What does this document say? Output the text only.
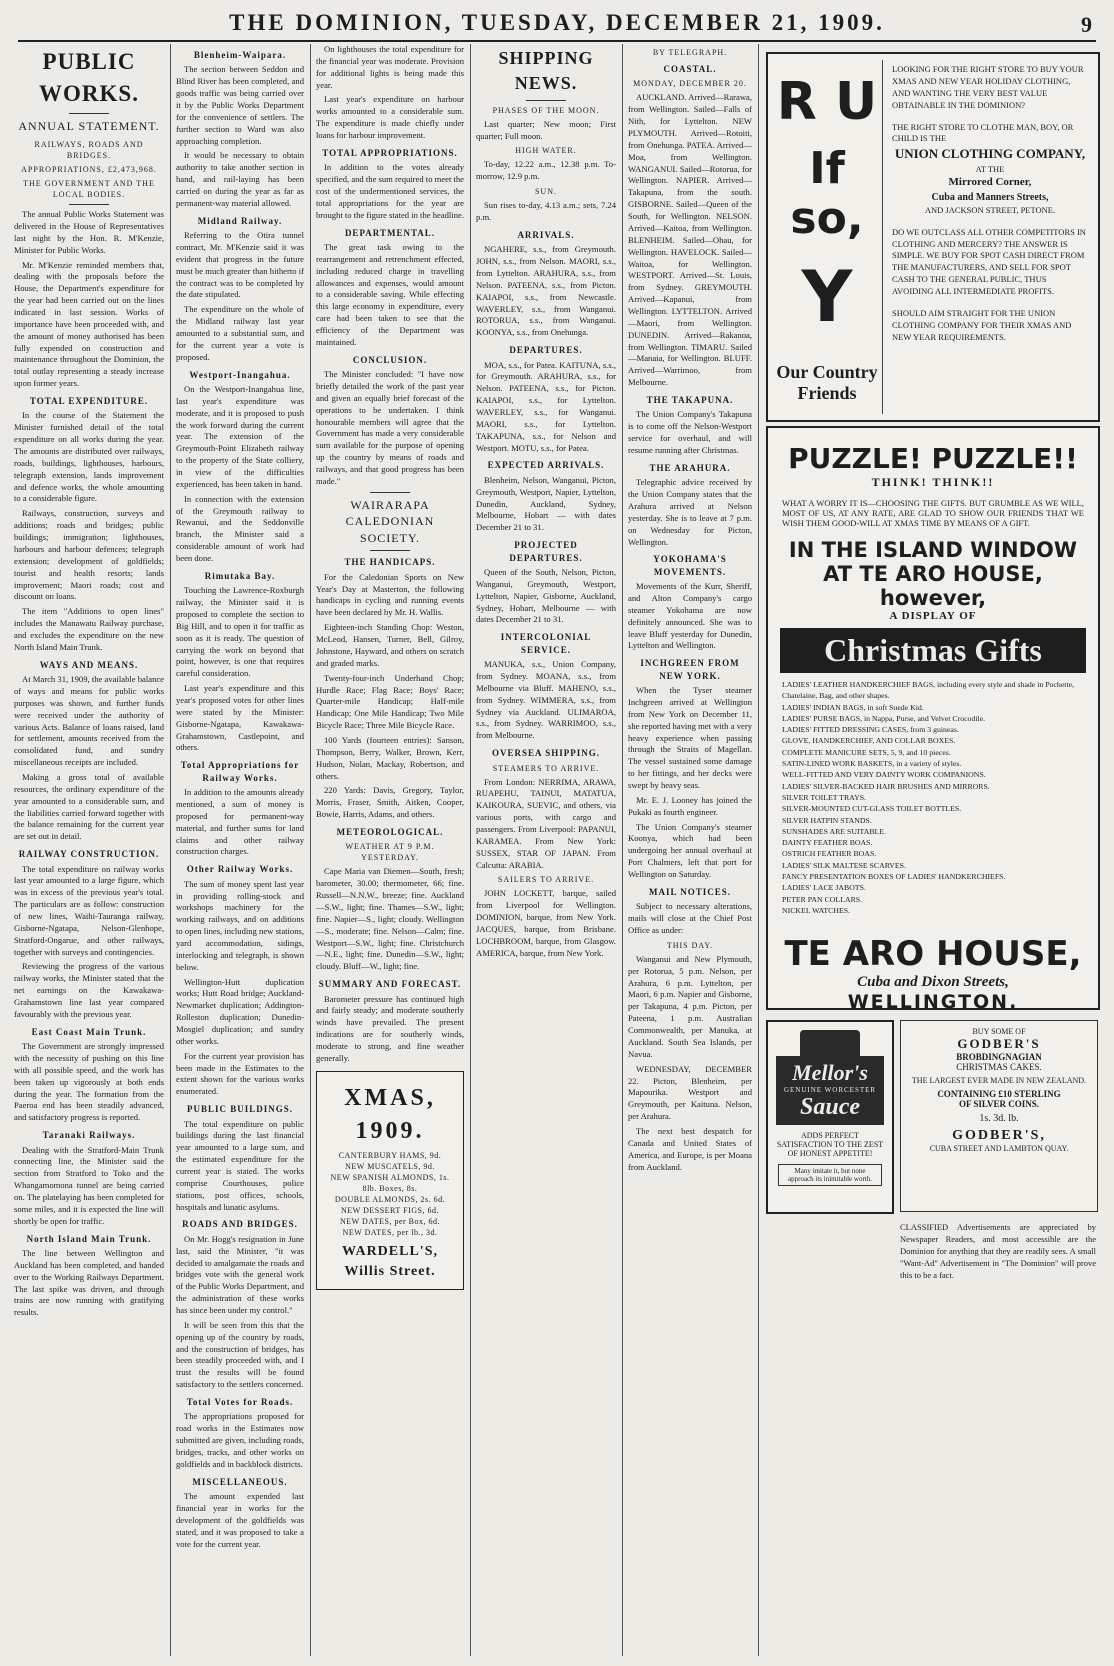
THE DOMINION, TUESDAY, DECEMBER 21, 1909.	9
PUBLIC WORKS.
ANNUAL STATEMENT.
RAILWAYS, ROADS AND BRIDGES.
APPROPRIATIONS, £2,473,968.
THE GOVERNMENT AND THE LOCAL BODIES.

The annual Public Works Statement was delivered in the House of Representatives last night by the Hon. R. M'Kenzie, Minister for Public Works.

Mr. M'Kenzie reminded members that, dealing with the proposals before the House, the Department's expenditure for the year had been carried out on the lines indicated in last session. Works of importance have been proceeded with, and the amount of money authorised has been fully expended on construction and maintenance throughout the Dominion, the total outlay representing a steady increase upon former years.

TOTAL EXPENDITURE.

In the course of the Statement the Minister furnished detail of the total expenditure on all works during the year. The amounts are distributed over railways, roads, buildings, lighthouses, harbours, telegraph extension, lands improvement and defence works, the whole amounting to a considerable figure.

Railways, construction, surveys and additions; roads and bridges; public buildings; immigration; lighthouses, harbours and harbour defences; telegraph extension; development of goldfields; tourist and health resorts; lands improvement; Maori roads; cost and discount on loans.

The item "Additions to open lines" includes the Manawatu Railway purchase, and excludes the expenditure on the new North Island Main Trunk.

WAYS AND MEANS.

At March 31, 1909, the available balance of ways and means for public works purposes was shown, and further funds were received under the authority of various Acts. Balance of loans raised, land for settlement, amounts received from the consolidated fund, and sundry miscellaneous receipts are included.

Making a gross total of available resources, the ordinary expenditure of the year amounted to a considerable sum, and the liabilities carried forward together with the balance remaining for the current year are set out in detail.

RAILWAY CONSTRUCTION.

The total expenditure on railway works last year amounted to a large figure, which was in excess of the previous year's total. The particulars are as follow: construction of new lines, Waihi-Tauranga railway, Gisborne-Ngatapa, Nelson-Glenhope, Stratford-Ongarue, and other railways, together with surveys and contingencies.

Reviewing the progress of the various railway works, the Minister stated that the net earnings on the Kawakawa-Grahamstown line last year compared favourably with the previous year.

East Coast Main Trunk.

The Government are strongly impressed with the necessity of pushing on this line with all possible speed, and the work has been taken up vigorously at both ends during the year. The formation from the Paeroa end has been steadily advanced, and satisfactory progress is reported.

Taranaki Railways.

Dealing with the Stratford-Main Trunk connecting line, the Minister said the section from Stratford to Toko and the Whangamomona tunnel are being carried on. The platelaying has been completed for some miles, and it is expected the line will shortly be open for traffic.

North Island Main Trunk.

The line between Wellington and Auckland has been completed, and handed over to the Working Railways Department. The last spike was driven, and through trains are now running with gratifying results.

Blenheim-Waipara.

The section between Seddon and Blind River has been completed, and goods traffic was being carried over it by the Public Works Department for the convenience of settlers. The further section to Ward was also approaching completion.

It would be necessary to obtain authority to take another section in hand, and rail-laying has been carried on during the year as far as permanent-way material allowed.

Midland Railway.

Referring to the Otira tunnel contract, Mr. M'Kenzie said it was evident that progress in the future must be much greater than hitherto if the contract was to be completed by the date stipulated.

The expenditure on the whole of the Midland railway last year amounted to a substantial sum, and for the current year a vote is proposed.

Westport-Inangahua.

On the Westport-Inangahua line, last year's expenditure was moderate, and it is proposed to push the work forward during the current year. The extension of the Greymouth-Point Elizabeth railway to the property of the State colliery, in view of the difficulties experienced, has been taken in hand.

In connection with the extension of the Greymouth railway to Rewanui, and the Seddonville branch, the Minister said a considerable amount of work had been done.

Rimutaka Bay.

Touching the Lawrence-Roxburgh railway, the Minister said it is proposed to complete the section to Big Hill, and to open it for traffic as soon as it is ready. The question of carrying the work on beyond that point, however, is one that requires careful consideration.

Last year's expenditure and this year's proposed votes for other lines were stated by the Minister: Gisborne-Ngatapa, Kawakawa-Grahamstown, Castlepoint, and others.

Total Appropriations for Railway Works.

In addition to the amounts already mentioned, a sum of money is proposed for permanent-way material, and further sums for land claims and other railway construction charges.

Other Railway Works.

The sum of money spent last year in providing rolling-stock and workshops machinery for the working railways, and on additions to open lines, including new stations, yard accommodation, sidings, interlocking and telegraph, is shown below.

Wellington-Hutt duplication works; Hutt Road bridge; Auckland-Newmarket duplication; Addington-Rolleston duplication; Dunedin-Mosgiel duplication; and sundry other works.

For the current year provision has been made in the Estimates to the extent shown for the various works enumerated.

PUBLIC BUILDINGS.

The total expenditure on public buildings during the last financial year amounted to a large sum, and the estimated expenditure for the current year is stated. The works comprise Courthouses, police stations, post offices, schools, hospitals and lunatic asylums.

ROADS AND BRIDGES.

On Mr. Hogg's resignation in June last, said the Minister, "it was decided to amalgamate the roads and bridges vote with the general work of the Public Works Department, and the administration of these works has since been under my control."

It will be seen from this that the opening up of the country by roads, and the construction of bridges, has been steadily proceeded with, and I trust the results will be found satisfactory to the settlers concerned.

Total Votes for Roads.

The appropriations proposed for road works in the Estimates now submitted are given, including roads, bridges, tracks, and other works on goldfields and in backblock districts.

MISCELLANEOUS.

The amount expended last financial year in works for the development of the goldfields was stated, and it was proposed to take a vote for the current year.

On lighthouses the total expenditure for the financial year was moderate. Provision for additional lights is being made this year.

Last year's expenditure on harbour works amounted to a considerable sum. The expenditure is made chiefly under loans for harbour improvement.

TOTAL APPROPRIATIONS.

In addition to the votes already specified, and the sum required to meet the cost of the undermentioned services, the total appropriations for the year are brought to the figure stated in the headline.

DEPARTMENTAL.

The great task owing to the rearrangement and retrenchment effected, including reduced charge in travelling allowances and expenses, would amount to a considerable saving. While effecting this large economy in expenditure, every care had been taken to see that the efficiency of the Department was maintained.

CONCLUSION.

The Minister concluded: "I have now briefly detailed the work of the past year and given an equally brief forecast of the operations to be undertaken. I think honourable members will agree that the Government has made a very considerable sum available for the purpose of opening up the country by means of roads and railways, and that good progress has been made."

WAIRARAPA CALEDONIAN SOCIETY.
THE HANDICAPS.

For the Caledonian Sports on New Year's Day at Masterton, the following handicaps in cycling and running events have been declared by Mr. H. Wallis.

Eighteen-inch Standing Chop: Weston, McLeod, Hansen, Turner, Bell, Gilroy, Johnstone, Hayward, and others on scratch and graded marks.

Twenty-four-inch Underhand Chop; Hurdle Race; Flag Race; Boys' Race; Quarter-mile Handicap; Half-mile Handicap; One Mile Handicap; Two Mile Bicycle Race; Three Mile Bicycle Race.

100 Yards (fourteen entries): Sanson, Thompson, Berry, Walker, Brown, Kerr, Hudson, Nolan, Mackay, Robertson, and others.

220 Yards: Davis, Gregory, Taylor, Morris, Fraser, Smith, Aitken, Cooper, Bowie, Harris, Adams, and others.

METEOROLOGICAL.
WEATHER AT 9 P.M. YESTERDAY.

Cape Maria van Diemen—South, fresh; barometer, 30.00; thermometer, 66; fine. Russell—N.N.W., breeze; fine. Auckland—S.W., light; fine. Thames—S.W., light; fine. Napier—S., light; cloudy. Wellington—S., moderate; fine. Nelson—Calm; fine. Westport—S.W., light; fine. Christchurch—N.E., light; fine. Dunedin—S.W., light; cloudy. Bluff—W., light; fine.

SUMMARY AND FORECAST.

Barometer pressure has continued high and fairly steady; and moderate southerly winds have prevailed. The present indications are for southerly winds, moderate to strong, and fine weather generally.

XMAS, 1909.
CANTERBURY HAMS, 9d.
NEW MUSCATELS, 9d.
NEW SPANISH ALMONDS, 1s.
8lb. Boxes, 8s.
DOUBLE ALMONDS, 2s. 6d.
NEW DESSERT FIGS, 6d.
NEW DATES, per Box, 6d.
NEW DATES, per lb., 3d.
WARDELL'S, Willis Street.
SHIPPING NEWS.
PHASES OF THE MOON.

Last quarter; New moon; First quarter; Full moon.

HIGH WATER.

To-day, 12.22 a.m., 12.38 p.m. To-morrow, 12.9 p.m.

SUN.

Sun rises to-day, 4.13 a.m.; sets, 7.24 p.m.

ARRIVALS.

NGAHERE, s.s., from Greymouth. JOHN, s.s., from Nelson. MAORI, s.s., from Lyttelton. ARAHURA, s.s., from Nelson. PATEENA, s.s., from Picton. KAIAPOI, s.s., from Newcastle. WAVERLEY, s.s., from Wanganui. ROTORUA, s.s., from Wanganui. KOONYA, s.s., from Onehunga.

DEPARTURES.

MOA, s.s., for Patea. KAITUNA, s.s., for Greymouth. ARAHURA, s.s., for Nelson. PATEENA, s.s., for Picton. KAIAPOI, s.s., for Lyttelton. WAVERLEY, s.s., for Wanganui. MAORI, s.s., for Lyttelton. TAKAPUNA, s.s., for Nelson and Westport. MOTU, s.s., for Patea.

EXPECTED ARRIVALS.

Blenheim, Nelson, Wanganui, Picton, Greymouth, Westport, Napier, Lyttelton, Dunedin, Auckland, Sydney, Melbourne, Hobart — with dates December 21 to 31.

PROJECTED DEPARTURES.

Queen of the South, Nelson, Picton, Wanganui, Greymouth, Westport, Lyttelton, Napier, Gisborne, Auckland, Sydney, Hobart, Melbourne — with dates December 21 to 31.

INTERCOLONIAL SERVICE.

MANUKA, s.s., Union Company, from Sydney. MOANA, s.s., from Melbourne via Bluff. MAHENO, s.s., from Sydney. WIMMERA, s.s., from Sydney via Auckland. ULIMAROA, s.s., from Sydney. WARRIMOO, s.s., from Melbourne.

OVERSEA SHIPPING.
STEAMERS TO ARRIVE.

From London: NERRIMA, ARAWA, RUAPEHU, TAINUI, MATATUA, KAIKOURA, SUEVIC, and others, via various ports, with cargo and passengers. From Liverpool: PAPANUI, KARAMEA. From New York: SUSSEX, STAR OF JAPAN. From Calcutta: ARABIA.

SAILERS TO ARRIVE.

JOHN LOCKETT, barque, sailed from Liverpool for Wellington. DOMINION, barque, from New York. JACQUES, barque, from Brisbane. LOCHBROOM, barque, from Glasgow. AMERICA, barque, from New York.

BY TELEGRAPH.
COASTAL.
MONDAY, DECEMBER 20.

AUCKLAND. Arrived—Rarawa, from Wellington. Sailed—Falls of Nith, for Lyttelton. NEW PLYMOUTH. Arrived—Rotoiti, from Onehunga. PATEA. Arrived—Moa, from Wellington. WANGANUI. Sailed—Rotorua, for Wellington. NAPIER. Arrived—Takapuna, from the south. GISBORNE. Sailed—Queen of the South, for Wellington. NELSON. Arrived—Kaitoa, from Wellington. BLENHEIM. Sailed—Ohau, for Wellington. HAVELOCK. Sailed—Waitoa, for Wellington. WESTPORT. Arrived—St. Louis, from Sydney. GREYMOUTH. Arrived—Kapanui, from Wellington. LYTTELTON. Arrived—Maori, from Wellington. DUNEDIN. Arrived—Rakanoa, from Wellington. TIMARU. Sailed—Manaia, for Wellington. BLUFF. Arrived—Warrimoo, from Melbourne.

THE TAKAPUNA.

The Union Company's Takapuna is to come off the Nelson-Westport service for overhaul, and will resume running after Christmas.

THE ARAHURA.

Telegraphic advice received by the Union Company states that the Arahura arrived at Nelson yesterday. She is to leave at 7 p.m. on Wednesday for Picton, Wellington.

YOKOHAMA'S MOVEMENTS.

Movements of the Kurr, Sheriff, and Alton Company's cargo steamer Yokohama are now definitely announced. She was to leave Bluff yesterday for Dunedin, Lyttelton and Wellington.

INCHGREEN FROM NEW YORK.

When the Tyser steamer Inchgreen arrived at Wellington from New York on December 11, she reported having met with a very heavy experience when passing through the Straits of Magellan. The vessel sustained some damage to her fittings, and her decks were swept by heavy seas.

Mr. E. J. Looney has joined the Pukaki as fourth engineer.

The Union Company's steamer Koonya, which had been undergoing her annual overhaul at Port Chalmers, left that port for Wellington on Saturday.

MAIL NOTICES.

Subject to necessary alterations, mails will close at the Chief Post Office as under:

THIS DAY.

Wanganui and New Plymouth, per Rotorua, 5 p.m. Nelson, per Arahura, 6 p.m. Lyttelton, per Maori, 6 p.m. Napier and Gisborne, per Takapuna, 4 p.m. Picton, per Pateena, 1 p.m. Australian Commonwealth, per Manuka, at Auckland. South Sea Islands, per Navua.

WEDNESDAY, DECEMBER 22. Picton, Blenheim, per Mapourika. Westport and Greymouth, per Kaituna. Nelson, per Arahura.

The next best despatch for Canada and United States of America, and Europe, is per Moana from Auckland.

R U
If so,
Y
Our Country
Friends
LOOKING FOR THE RIGHT STORE TO BUY YOUR XMAS AND NEW YEAR HOLIDAY CLOTHING, AND WANTING THE VERY BEST VALUE OBTAINABLE IN THE DOMINION?
THE RIGHT STORE TO CLOTHE MAN, BOY, OR CHILD IS THE
UNION CLOTHING COMPANY,
AT THE
Mirrored Corner,
Cuba and Manners Streets,
AND JACKSON STREET, PETONE.
DO WE OUTCLASS ALL OTHER COMPETITORS IN CLOTHING AND MERCERY? THE ANSWER IS SIMPLE. WE BUY FOR SPOT CASH DIRECT FROM THE MANUFACTURERS, AND SELL FOR SPOT CASH TO THE GENERAL PUBLIC, THUS AVOIDING ALL INTERMEDIATE PROFITS.
SHOULD AIM STRAIGHT FOR THE UNION CLOTHING COMPANY FOR THEIR XMAS AND NEW YEAR REQUIREMENTS.
PUZZLE! PUZZLE!!
THINK! THINK!!
WHAT A WORRY IT IS—CHOOSING THE GIFTS. BUT GRUMBLE AS WE WILL, MOST OF US, AT ANY RATE, ARE GLAD TO SHOW OUR FRIENDS THAT WE WISH THEM GOOD-WILL AT XMAS TIME BY MEANS OF A GIFT.
IN THE ISLAND WINDOW
AT TE ARO HOUSE, however,
A DISPLAY OF
Christmas Gifts
LADIES' LEATHER HANDKERCHIEF BAGS, including every style and shade in Pochette, Chatelaine, Bag, and other shapes.
LADIES' INDIAN BAGS, in soft Suede Kid.
LADIES' PURSE BAGS, in Nappa, Purse, and Velvet Crocodile.
LADIES' FITTED DRESSING CASES, from 3 guineas.
GLOVE, HANDKERCHIEF, AND COLLAR BOXES.
COMPLETE MANICURE SETS, 5, 9, and 10 pieces.
SATIN-LINED WORK BASKETS, in a variety of styles.
WELL-FITTED AND VERY DAINTY WORK COMPANIONS.
LADIES' SILVER-BACKED HAIR BRUSHES AND MIRRORS.
SILVER TOILET TRAYS.
SILVER-MOUNTED CUT-GLASS TOILET BOTTLES.
SILVER HATPIN STANDS.
SUNSHADES ARE SUITABLE.
DAINTY FEATHER BOAS.
OSTRICH FEATHER BOAS.
LADIES' SILK MALTESE SCARVES.
FANCY PRESENTATION BOXES OF LADIES' HANDKERCHIEFS.
LADIES' LACE JABOTS.
PETER PAN COLLARS.
NICKEL WATCHES.
TE ARO HOUSE,
Cuba and Dixon Streets,
WELLINGTON.
Mellor's
GENUINE WORCESTER
Sauce
ADDS PERFECT SATISFACTION TO THE ZEST OF HONEST APPETITE!
Many imitate it, but none approach its inimitable worth.
BUY SOME OF
GODBER'S
BROBDINGNAGIAN
CHRISTMAS CAKES.
THE LARGEST EVER MADE IN NEW ZEALAND.
CONTAINING £10 STERLING
OF SILVER COINS.
1s. 3d. lb.
GODBER'S,
CUBA STREET AND LAMBTON QUAY.
CLASSIFIED Advertisements are appreciated by Newspaper Readers, and most accessible are the Dominion for anything that they are readily sees. A small "Want-Ad" Advertisement in "The Dominion" will prove this to be a fact.
